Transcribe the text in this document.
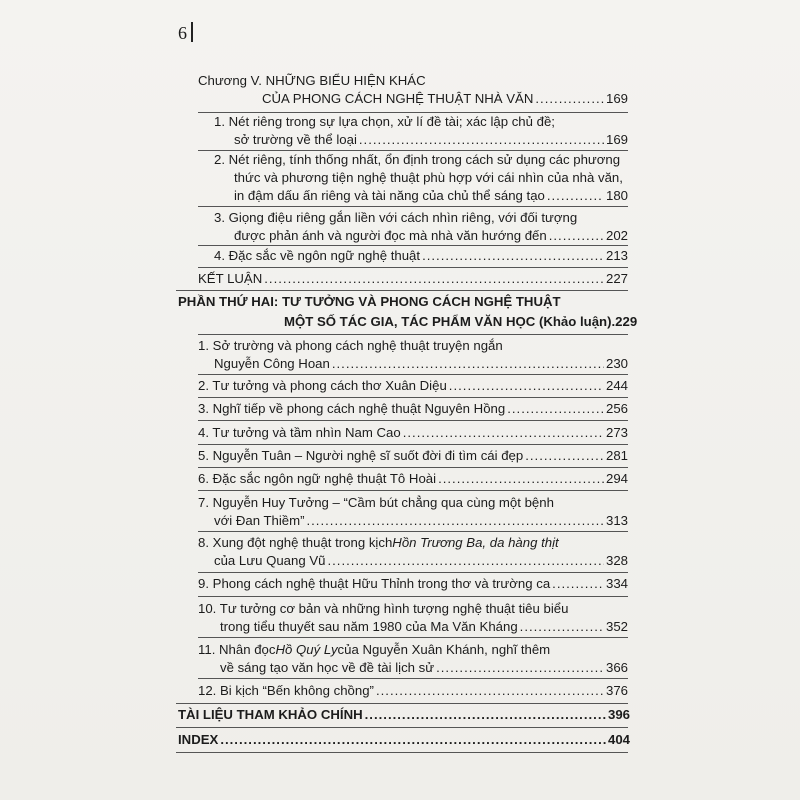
6
Chương V. NHỮNG BIỂU HIỆN KHÁC
CỦA PHONG CÁCH NGHỆ THUẬT NHÀ VĂN .....	169
1. Nét riêng trong sự lựa chọn, xử lí đề tài; xác lập chủ đề;
sở trường về thể loại .....	169
2. Nét riêng, tính thống nhất, ổn định trong cách sử dụng các phương
thức và phương tiện nghệ thuật phù hợp với cái nhìn của nhà văn,
in đậm dấu ấn riêng và tài năng của chủ thể sáng tạo .....	180
3. Giọng điệu riêng gắn liền với cách nhìn riêng, với đối tượng
được phản ánh và người đọc mà nhà văn hướng đến .....	202
4. Đặc sắc về ngôn ngữ nghệ thuật .....	213
KẾT LUẬN .....	227
PHẦN THỨ HAI: TƯ TƯỞNG VÀ PHONG CÁCH NGHỆ THUẬT
MỘT SỐ TÁC GIA, TÁC PHẨM VĂN HỌC (Khảo luận) .229
1. Sở trường và phong cách nghệ thuật truyện ngắn
Nguyễn Công Hoan .....	230
2. Tư tưởng và phong cách thơ Xuân Diệu .....	244
3. Nghĩ tiếp về phong cách nghệ thuật Nguyên Hồng .....	256
4. Tư tưởng và tầm nhìn Nam Cao .....	273
5. Nguyễn Tuân – Người nghệ sĩ suốt đời đi tìm cái đẹp .....	281
6. Đặc sắc ngôn ngữ nghệ thuật Tô Hoài .....	294
7. Nguyễn Huy Tưởng – “Cầm bút chẳng qua cùng một bệnh
với Đan Thiềm” .....	313
8. Xung đột nghệ thuật trong kịch Hồn Trương Ba, da hàng thịt
của Lưu Quang Vũ .....	328
9. Phong cách nghệ thuật Hữu Thỉnh trong thơ và trường ca .....	334
10. Tư tưởng cơ bản và những hình tượng nghệ thuật tiêu biểu
trong tiểu thuyết sau năm 1980 của Ma Văn Kháng .....	352
11. Nhân đọc Hồ Quý Ly của Nguyễn Xuân Khánh, nghĩ thêm
về sáng tạo văn học về đề tài lịch sử .....	366
12. Bi kịch “Bến không chồng” .....	376
TÀI LIỆU THAM KHẢO CHÍNH .....	396
INDEX .....	404
